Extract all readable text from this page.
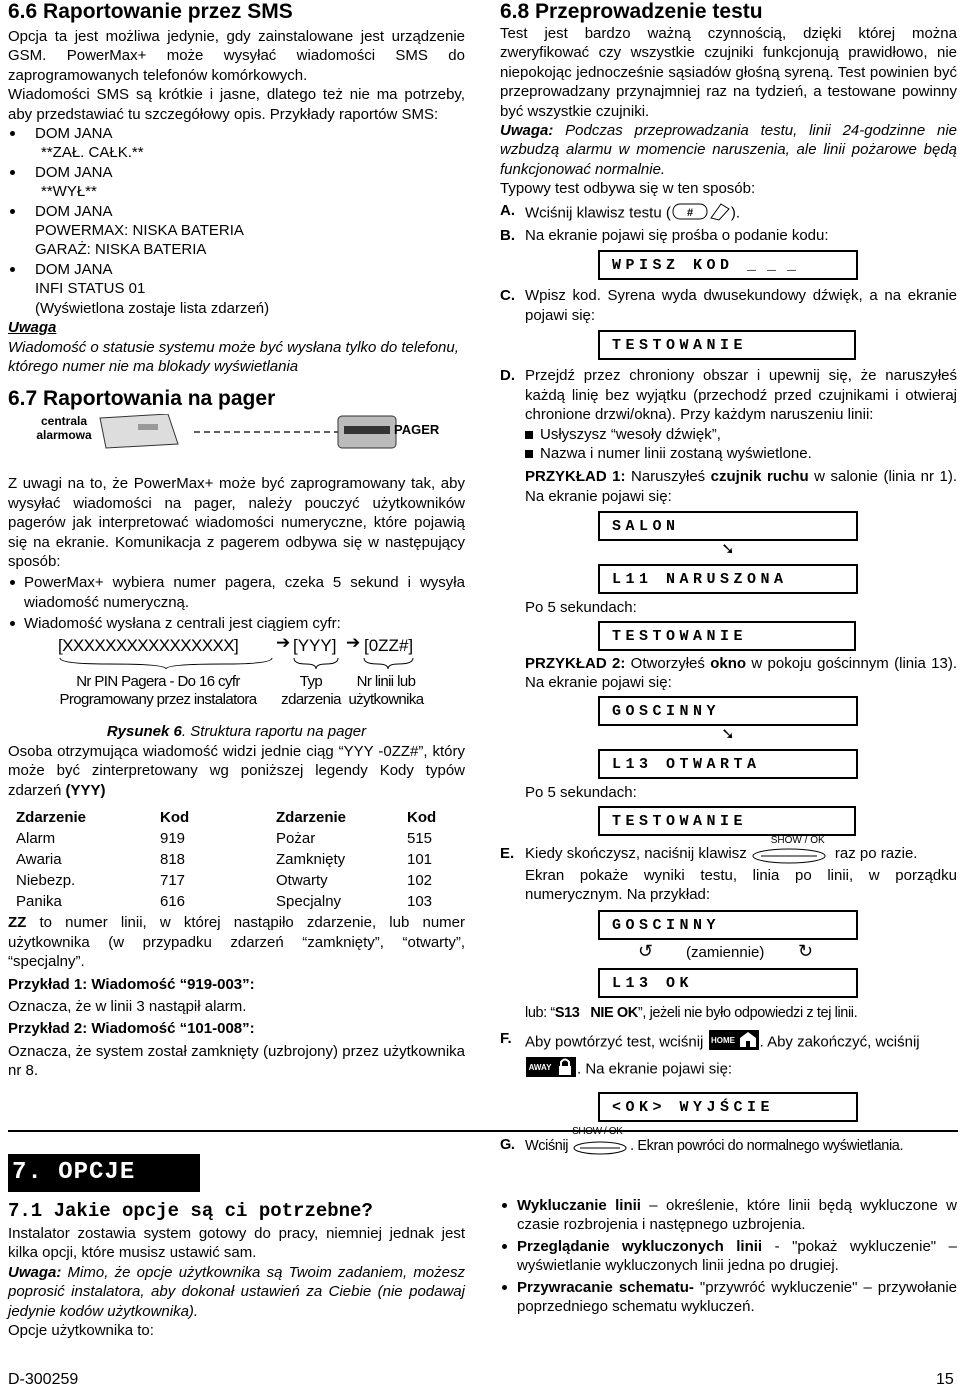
6.6 Raportowanie przez SMS

Opcja ta jest możliwa jedynie, gdy zainstalowane jest urządzenie GSM. PowerMax+ może wysyłać wiadomości SMS do zaprogramowanych telefonów komórkowych.

Wiadomości SMS są krótkie i jasne, dlatego też nie ma potrzeby, aby przedstawiać tu szczegółowy opis. Przykłady raportów SMS:

DOM JANA
**ZAŁ. CAŁK.**
DOM JANA
**WYŁ**
DOM JANA
POWERMAX: NISKA BATERIA
GARAŻ: NISKA BATERIA
DOM JANA
INFI STATUS 01
(Wyświetlona zostaje lista zdarzeń)

Uwaga

Wiadomość o statusie systemu może być wysłana tylko do telefonu, którego numer nie ma blokady wyświetlania

6.7 Raportowania na pager
centrala alarmowa	PAGER

Z uwagi na to, że PowerMax+ może być zaprogramowany tak, aby wysyłać wiadomości na pager, należy pouczyć użytkowników pagerów jak interpretować wiadomości numeryczne, które pojawią się na ekranie. Komunikacja z pagerem odbywa się w następujący sposób:

PowerMax+ wybiera numer pagera, czeka 5 sekund i wysyła wiadomość numeryczną.
Wiadomość wysłana z centrali jest ciągiem cyfr:
[XXXXXXXXXXXXXXXX] ➔ [YYY] ➔ [0ZZ#]
Nr PIN Pagera - Do 16 cyfr Programowany przez instalatora
Typ zdarzenia
Nr linii lub użytkownika

Rysunek 6. Struktura raportu na pager

Osoba otrzymująca wiadomość widzi jednie ciąg “YYY -0ZZ#”, który może być zinterpretowany wg poniższej legendy Kody typów zdarzeń (YYY)

Zdarzenie	Kod	Zdarzenie	Kod
Alarm	919	Pożar	515
Awaria	818	Zamknięty	101
Niebezp.	717	Otwarty	102
Panika	616	Specjalny	103

ZZ to numer linii, w której nastąpiło zdarzenie, lub numer użytkownika (w przypadku zdarzeń “zamknięty”, “otwarty”, “specjalny”.

Przykład 1: Wiadomość “919-003”:

Oznacza, że w linii 3 nastąpił alarm.

Przykład 2: Wiadomość “101-008”:

Oznacza, że system został zamknięty (uzbrojony) przez użytkownika nr 8.

6.8 Przeprowadzenie testu

Test jest bardzo ważną czynnością, dzięki której można zweryfikować czy wszystkie czujniki funkcjonują prawidłowo, nie niepokojąc jednocześnie sąsiadów głośną syreną. Test powinien być przeprowadzany przynajmniej raz na tydzień, a testowane powinny być wszystkie czujniki.

Uwaga: Podczas przeprowadzania testu, linii 24-godzinne nie wzbudzą alarmu w momencie naruszenia, ale linii pożarowe będą funkcjonować normalnie.

Typowy test odbywa się w ten sposób:

A. Wciśnij klawisz testu ( #	).
B. Na ekranie pojawi się prośba o podanie kodu:
WPISZ KOD _ _ _
C. Wpisz kod. Syrena wyda dwusekundowy dźwięk, a na ekranie pojawi się:
TESTOWANIE
D. Przejdź przez chroniony obszar i upewnij się, że naruszyłeś każdą linię bez wyjątku (przechodź przed czujnikami i otwieraj chronione drzwi/okna). Przy każdym naruszeniu linii:
Usłyszysz “wesoły dźwięk”,
Nazwa i numer linii zostaną wyświetlone.

PRZYKŁAD 1: Naruszyłeś czujnik ruchu w salonie (linia nr 1). Na ekranie pojawi się:

SALON
➘
L11 NARUSZONA

Po 5 sekundach:

TESTOWANIE

PRZYKŁAD 2: Otworzyłeś okno w pokoju gościnnym (linia 13). Na ekranie pojawi się:

GOSCINNY
➘
L13 OTWARTA

Po 5 sekundach:

TESTOWANIE
E. Kiedy skończysz, naciśnij klawisz
SHOW / OK
raz po razie.

Ekran pokaże wyniki testu, linia po linii, w porządku numerycznym. Na przykład:

GOSCINNY
↺ (zamiennie) ↻
L13 OK

lub: “S13   NIE OK”, jeżeli nie było odpowiedzi z tej linii.

F. Aby powtórzyć test, wciśnij HOME . Aby zakończyć, wciśnij

AWAY . Na ekranie pojawi się:
<OK> WYJŚCIE
G. Wciśnij	. Ekran powróci do normalnego wyświetlania.
7. OPCJE

7.1 Jakie opcje są ci potrzebne?

Instalator zostawia system gotowy do pracy, niemniej jednak jest kilka opcji, które musisz ustawić sam.

Uwaga: Mimo, że opcje użytkownika są Twoim zadaniem, możesz poprosić instalatora, aby dokonał ustawień za Ciebie (nie podawaj jedynie kodów użytkownika).

Opcje użytkownika to:

Wykluczanie linii – określenie, które linii będą wykluczone w czasie rozbrojenia i następnego uzbrojenia.
Przeglądanie wykluczonych linii - "pokaż wykluczenie" – wyświetlanie wykluczonych linii jedna po drugiej.
Przywracanie schematu- "przywróć wykluczenie" – przywołanie poprzedniego schematu wykluczeń.
D-300259	15
